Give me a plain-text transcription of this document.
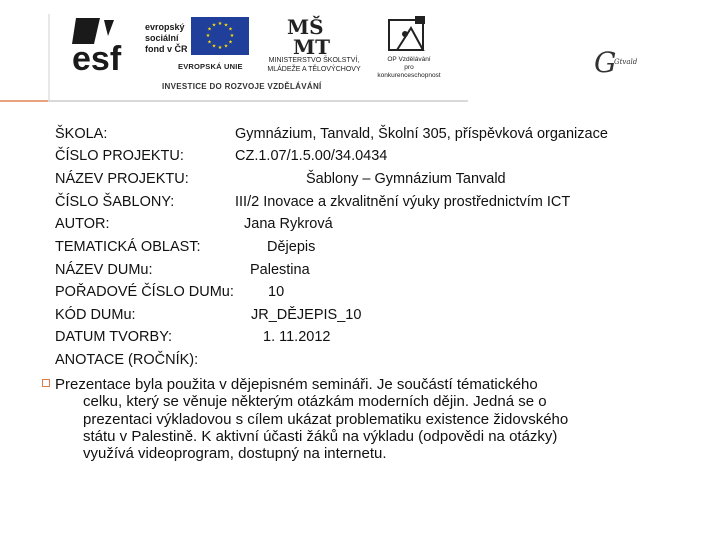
esf
evropský
sociální
fond v ČR
★ ★
★
★
★
★
★
★
★
★
★
★
EVROPSKÁ UNIE
MŠ
MT
MINISTERSTVO ŠKOLSTVÍ,
MLÁDEŽE A TĚLOVÝCHOVY
OP Vzdělávání
pro konkurenceschopnost
INVESTICE DO ROZVOJE VZDĚLÁVÁNÍ
G
Gtvald
ŠKOLA:	Gymnázium, Tanvald, Školní 305, příspěvková organizace
ČÍSLO PROJEKTU:	CZ.1.07/1.5.00/34.0434
NÁZEV PROJEKTU:	Šablony – Gymnázium Tanvald
ČÍSLO ŠABLONY:	III/2 Inovace a zkvalitnění výuky prostřednictvím ICT
AUTOR:	Jana Rykrová
TEMATICKÁ OBLAST:	Dějepis
NÁZEV DUMu:	Palestina
POŘADOVÉ ČÍSLO DUMu: 10
KÓD DUMu:	JR_DĚJEPIS_10
DATUM TVORBY:	1. 11.2012
ANOTACE (ROČNÍK):
Prezentace byla použita v dějepisném semináři. Je součástí tématického
celku, který se věnuje některým otázkám moderních dějin. Jedná se o
prezentaci výkladovou s cílem ukázat problematiku existence židovského
státu v Palestině. K aktivní účasti žáků na výkladu (odpovědi na otázky)
využívá videoprogram, dostupný na internetu.
